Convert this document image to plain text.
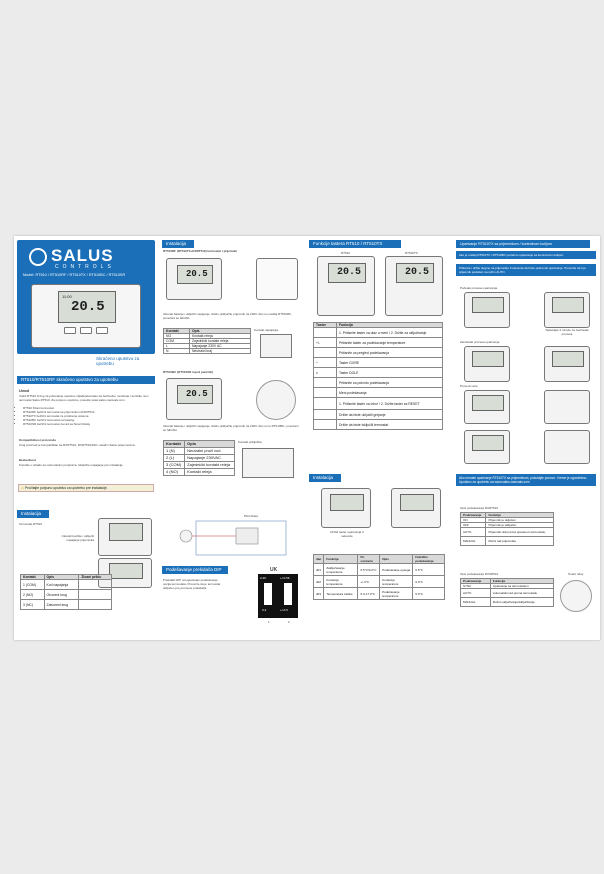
SALUS
CONTROLS
Model: RT510 / RT510RF / RT510TX / RT510BC / RT510SR
20.5
11:00
Skraćeno uputstvo za upotrebu
RT510/RT510RF skraćeno uputstvo za upotrebu
Uvod
Vodič RT510 brzog za pokretanje uputstvo objašnjava kako da bezbedno montirate i koristite novi termostat Salus RT510. Za potpuno uputstvo, posetite www.salus-manuals.com.
• RT510 žičani termostat
• RT510RF bežični termostat sa prijemnikom RXRT510
• RT510TX bežični termostat za proširenje sistema
• RT510BC bežični termostat na baterije
• RT510SR bežični termostat za rad sa Smart Relay
Kompatibilnost proizvoda
Ovaj proizvod je kompatibilan sa RXRT510, RXRT510/230 i ostalim Salus prijemnicima.
Bezbednost
Koristite u skladu sa nacionalnim propisima. Isključite napajanje pre instalacije.
⚠ Pročitajte potpuno uputstvo za upotrebu pre instalacije.
Instalacija
Termostat RT510
Ukucati kucište i ukljuciti napajanje prijemnika
Kontakt	Opis	Žicani priklu
1 (COM)	Kod napajanja	
2 (NO)	Otvoreni krug	
3 (NC)	Zatvoreni krug	
Instalacija
RT510RF (RT510TX+RXRT510) termostat i prijemnik
20.5
Ukucati baterije i uključiti napajanje. Zatim priključite prijemnik na 230V. Ako su uređaji RT510RF, povezani su fabrički.
Kontakt	Opis
NO	Kontakt releja
COM	Zajednički kontakt releja
L	Napajanje 230V AC
N	Neutralni kraj
Kontakt napajanja
RT510BC (RT510SR ispod parirnih)
20.5
Ukucati baterije i uključiti napajanje. Zatim priključite prijemnik na 230V. Ako su to RT510BC, povezani su fabrički.
Kontakt	Opis
1 (N)	Neutralni pruži vod
2 (L)	Napajanje 230VAC
3 (COM)	Zajednički kontakt releja
4 (NO)	Kontakt releja
Kontakt priključka
Pilot bloka
Podešavanje prekidača DIP
Prekidači DIP omogućavaju podešavanje opcija termostata. Proverite da je termostat isključen pre promene prekidača.
UK
2-3K	+/-0.5K
3-2	+/-0.5
1	2
Funkcije tastera RT510 / RT510TX
RT510	RT510TX
20.5	20.5
Taster	Funkcija
	1. Pritisnite taster za ulaz u meni / 2. Držite za uključivanje
+/-	Pritisnite taster za podešavanje temperature
	Pritisnite za pregled podešavanja
^	Taster GORE
v	Taster DOLE
	Pritisnite za potvrdu podešavanja
	Meni podešavanja
	1. Pritisnite taster za izbor / 2. Držite taster za RESET
	Držite da biste uključili grejanje
	Držite da biste isključili termostat
Instalacija
Držati taster uparivanja 3 sekunde
dan	Funkcija	Po osnovnu	Opis	Fabričko podešavanje
d01	Zaključavanje temperature	0.5°C/0.2°C	Podešavanje opsega	0.5°C
d02	Korekcija temperature	+/-3°C	Korekcija temperature	0.0°C
d03	Temperatura zaštite	5.0-17.0°C	Podešavanje temperature	5.0°C
Uparivanje RT510TX sa prijemnikom / kontrolnom kutijom
Ako je uređaj RT510TX / RT510BC potrebno uparivanje sa kontrolnom kutijom:
Pritisnite i držite dugme na prijemniku 3 sekunde da biste pokrenuli uparivanje. Proverite da li je prijemnik podešen na režim AUTO.
Početak procesa uparivanja
Sačekajte 3 minute za završetak procesa
Završetak procesa uparivanja
Provera veze
Ako nemate uparivanje RT510TX sa prijemnikom, pokušajte ponovo. Vreme je ograničeno. Uputstvo za upotrebu na www.salus-manuals.com
Opis podešavanja RXRT510
Podešavanje	Funkcija
ON	Prijemnik je uključen
OFF	Prijemnik je isključen
AUTO	Prijemnik radi prema uparenom termostatu
MANUAL	Ručni rad prijemnika
Opis podešavanja RXSR510
Podešavanje	Funkcija
SYNC	Uparivanje sa termostatom
AUTO	Automatski rad prema termostatu
MANUAL	Ručno uključivanje/isključivanje
Smart relay
